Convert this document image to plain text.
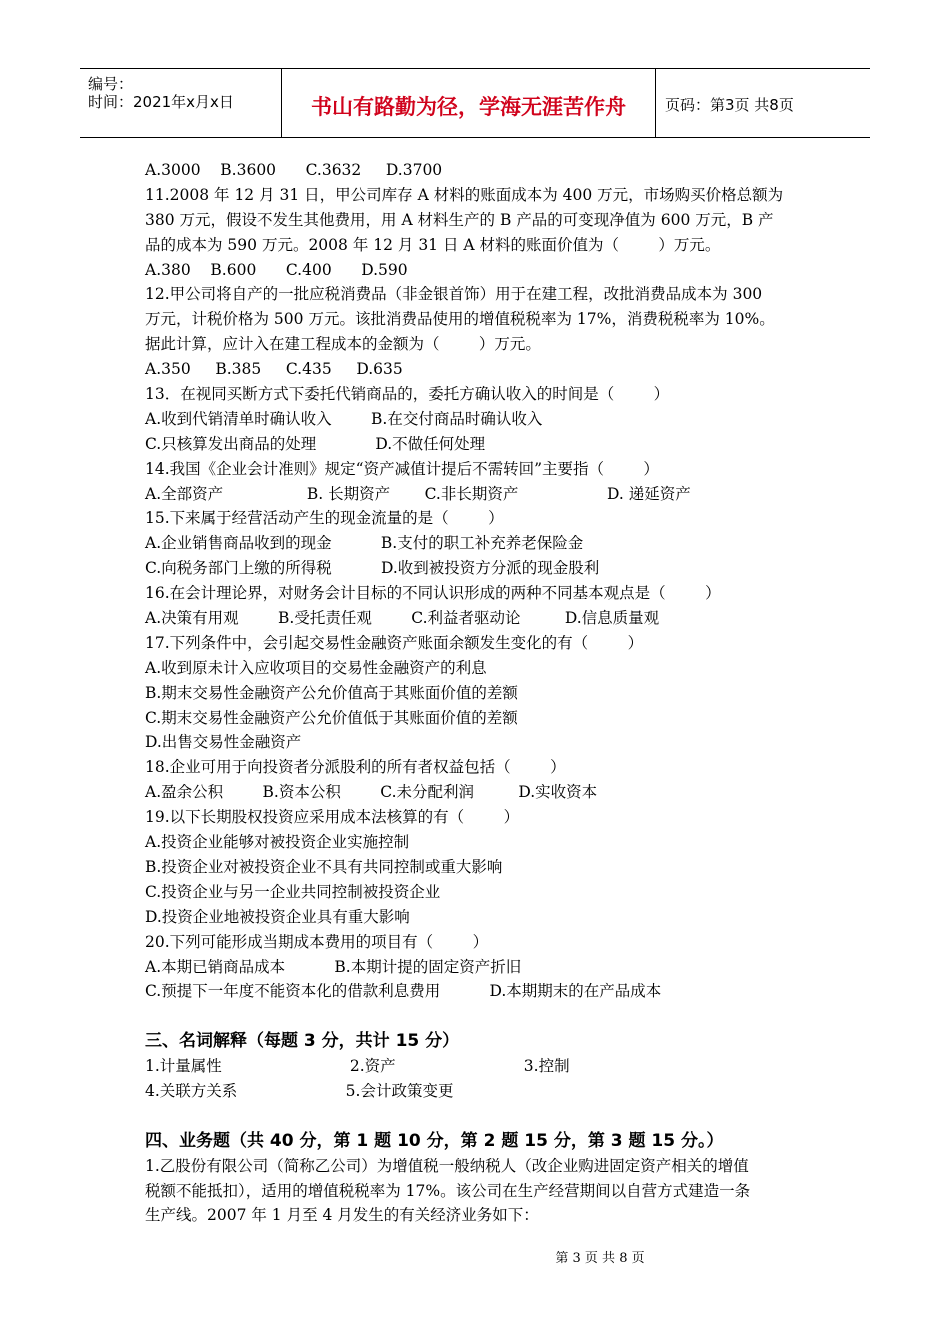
编号：
时间：2021年x月x日	书山有路勤为径，学海无涯苦作舟	页码：第3页 共8页
A.3000    B.3600      C.3632     D.3700
11.2008 年 12 月 31 日，甲公司库存 A 材料的账面成本为 400 万元，市场购买价格总额为
380 万元，假设不发生其他费用，用 A 材料生产的 B 产品的可变现净值为 600 万元，B 产
品的成本为 590 万元。2008 年 12 月 31 日 A 材料的账面价值为（        ）万元。
A.380    B.600      C.400      D.590
12.甲公司将自产的一批应税消费品（非金银首饰）用于在建工程，改批消费品成本为 300
万元，计税价格为 500 万元。该批消费品使用的增值税税率为 17%，消费税税率为 10%。
据此计算，应计入在建工程成本的金额为（        ）万元。
A.350     B.385     C.435     D.635
13．在视同买断方式下委托代销商品的，委托方确认收入的时间是（        ）
A.收到代销清单时确认收入        B.在交付商品时确认收入
C.只核算发出商品的处理            D.不做任何处理
14.我国《企业会计准则》规定“资产减值计提后不需转回”主要指（        ）
A.全部资产                 B. 长期资产       C.非长期资产                  D. 递延资产
15.下来属于经营活动产生的现金流量的是（        ）
A.企业销售商品收到的现金          B.支付的职工补充养老保险金
C.向税务部门上缴的所得税          D.收到被投资方分派的现金股利
16.在会计理论界，对财务会计目标的不同认识形成的两种不同基本观点是（        ）
A.决策有用观        B.受托责任观        C.利益者驱动论         D.信息质量观
17.下列条件中，会引起交易性金融资产账面余额发生变化的有（        ）
A.收到原未计入应收项目的交易性金融资产的利息
B.期末交易性金融资产公允价值高于其账面价值的差额
C.期末交易性金融资产公允价值低于其账面价值的差额
D.出售交易性金融资产
18.企业可用于向投资者分派股利的所有者权益包括（        ）
A.盈余公积        B.资本公积        C.未分配利润         D.实收资本
19.以下长期股权投资应采用成本法核算的有（        ）
A.投资企业能够对被投资企业实施控制
B.投资企业对被投资企业不具有共同控制或重大影响
C.投资企业与另一企业共同控制被投资企业
D.投资企业地被投资企业具有重大影响
20.下列可能形成当期成本费用的项目有（        ）
A.本期已销商品成本          B.本期计提的固定资产折旧
C.预提下一年度不能资本化的借款利息费用          D.本期期末的在产品成本
三、名词解释（每题 3 分，共计 15 分）
1.计量属性                          2.资产                          3.控制
4.关联方关系                      5.会计政策变更
四、业务题（共 40 分，第 1 题 10 分，第 2 题 15 分，第 3 题 15 分。）
1.乙股份有限公司（简称乙公司）为增值税一般纳税人（改企业购进固定资产相关的增值
税额不能抵扣），适用的增值税税率为 17%。该公司在生产经营期间以自营方式建造一条
生产线。2007 年 1 月至 4 月发生的有关经济业务如下：
第 3 页 共 8 页
